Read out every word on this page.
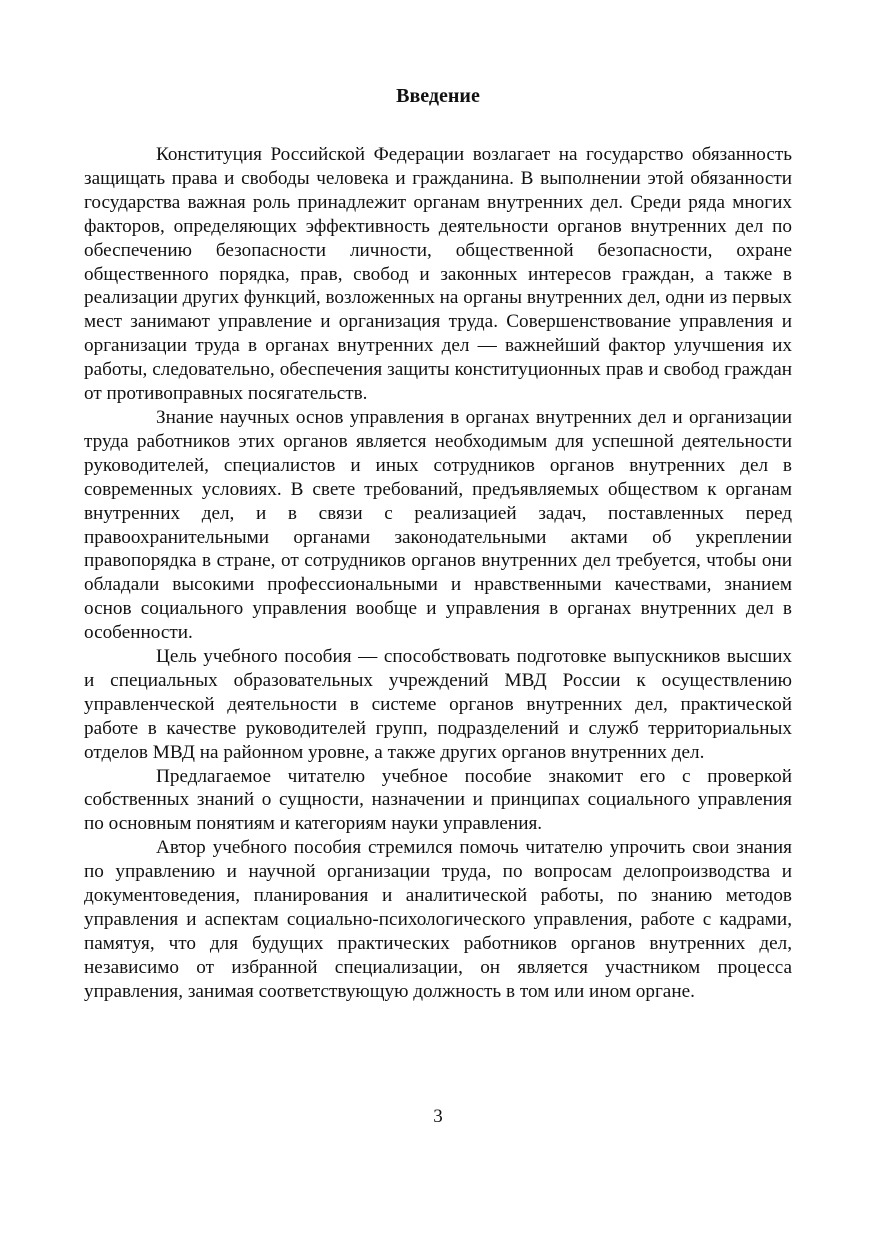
Введение

Конституция Российской Федерации возлагает на государство обязанность защищать права и свободы человека и гражданина. В выполнении этой обязанности государства важная роль принадлежит органам внутренних дел. Среди ряда многих факторов, определяющих эффективность деятельности органов внутренних дел по обеспечению безопасности личности, общественной безопасности, охране общественного порядка, прав, свобод и законных интересов граждан, а также в реализации других функций, возложенных на органы внутренних дел, одни из первых мест занимают управление и организация труда. Совершенствование управления и организации труда в органах внутренних дел — важнейший фактор улучшения их работы, следовательно, обеспечения защиты конституционных прав и свобод граждан от противоправных посягательств.

Знание научных основ управления в органах внутренних дел и организации труда работников этих органов является необходимым для успешной деятельности руководителей, специалистов и иных сотрудников органов внутренних дел в современных условиях. В свете требований, предъявляемых обществом к органам внутренних дел, и в связи с реализацией задач, поставленных перед правоохранительными органами законодательными актами об укреплении правопорядка в стране, от сотрудников органов внутренних дел требуется, чтобы они обладали высокими профессиональными и нравственными качествами, знанием основ социального управления вообще и управления в органах внутренних дел в особенности.

Цель учебного пособия — способствовать подготовке выпускников высших и специальных образовательных учреждений МВД России к осуществлению управленческой деятельности в системе органов внутренних дел, практической работе в качестве руководителей групп, подразделений и служб территориальных отделов МВД на районном уровне, а также других органов внутренних дел.

Предлагаемое читателю учебное пособие знакомит его с проверкой собственных знаний о сущности, назначении и принципах социального управления по основным понятиям и категориям науки управления.

Автор учебного пособия стремился помочь читателю упрочить свои знания по управлению и научной организации труда, по вопросам делопроизводства и документоведения, планирования и аналитической работы, по знанию методов управления и аспектам социально-психологического управления, работе с кадрами, памятуя, что для будущих практических работников органов внутренних дел, независимо от избранной специализации, он является участником процесса управления, занимая соответствующую должность в том или ином органе.

3
